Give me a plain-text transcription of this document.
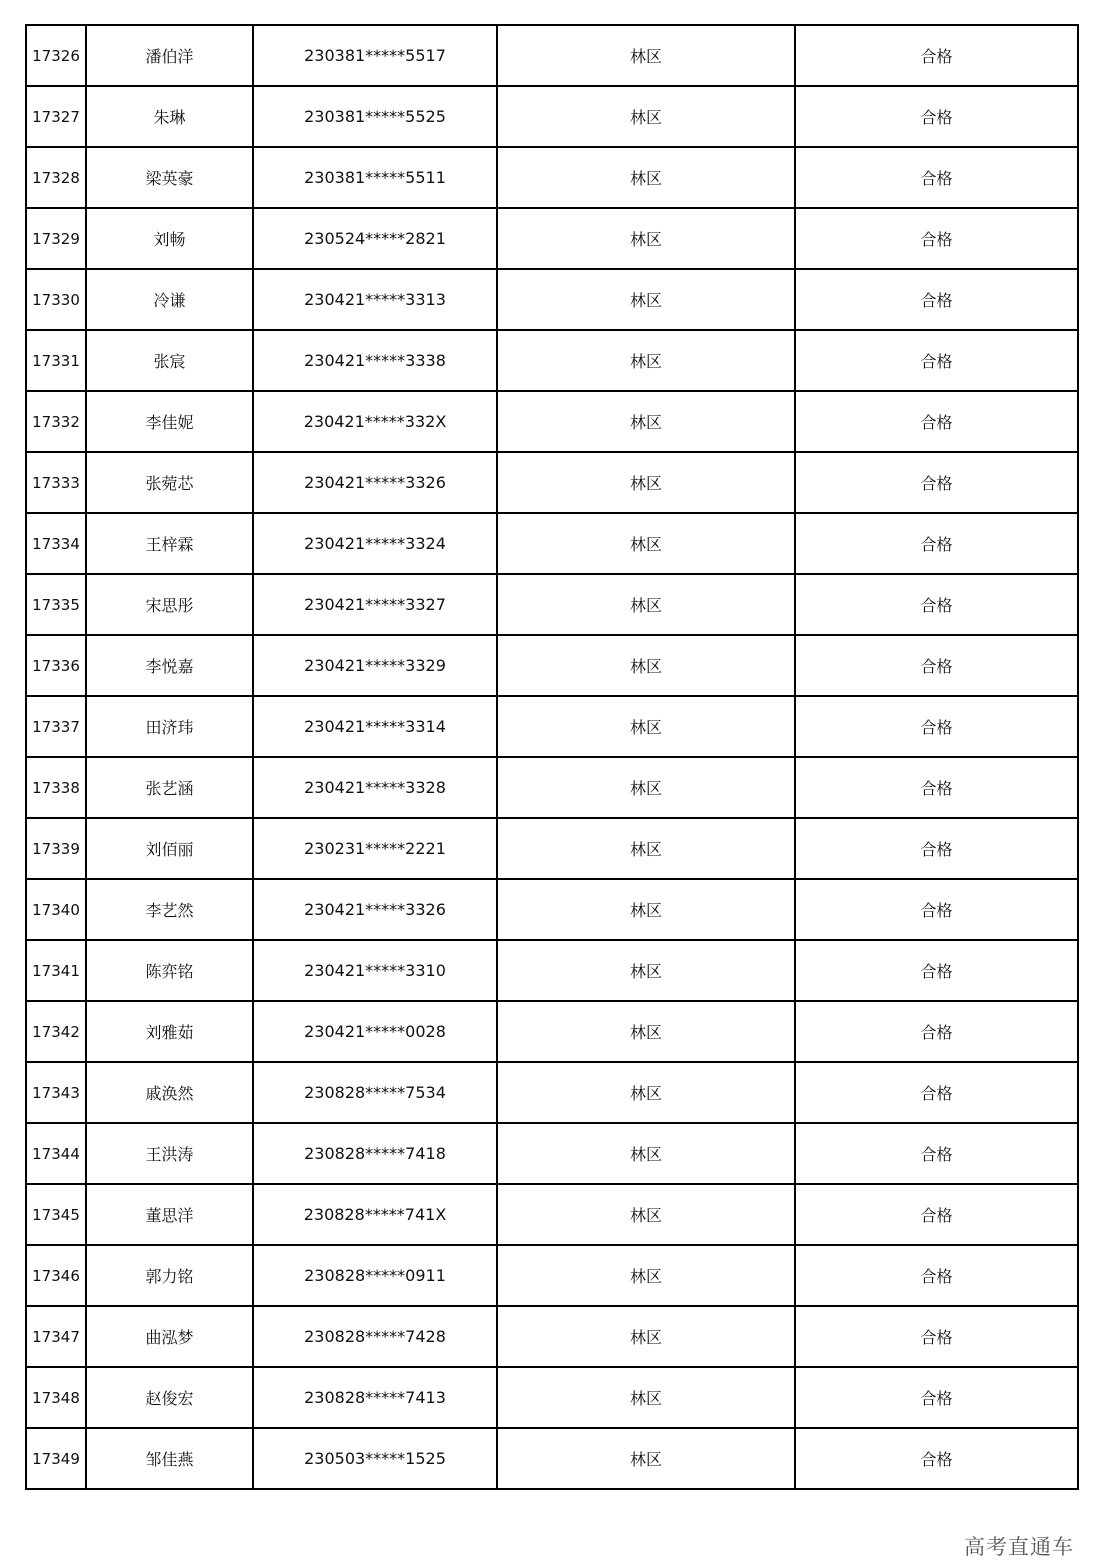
17326	潘伯洋	230381*****5517	林区	合格
17327	朱琳	230381*****5525	林区	合格
17328	梁英豪	230381*****5511	林区	合格
17329	刘畅	230524*****2821	林区	合格
17330	冷谦	230421*****3313	林区	合格
17331	张宸	230421*****3338	林区	合格
17332	李佳妮	230421*****332X	林区	合格
17333	张菀芯	230421*****3326	林区	合格
17334	王梓霖	230421*****3324	林区	合格
17335	宋思彤	230421*****3327	林区	合格
17336	李悦嘉	230421*****3329	林区	合格
17337	田济玮	230421*****3314	林区	合格
17338	张艺涵	230421*****3328	林区	合格
17339	刘佰丽	230231*****2221	林区	合格
17340	李艺然	230421*****3326	林区	合格
17341	陈弈铭	230421*****3310	林区	合格
17342	刘雅茹	230421*****0028	林区	合格
17343	戚涣然	230828*****7534	林区	合格
17344	王洪涛	230828*****7418	林区	合格
17345	董思洋	230828*****741X	林区	合格
17346	郭力铭	230828*****0911	林区	合格
17347	曲泓梦	230828*****7428	林区	合格
17348	赵俊宏	230828*****7413	林区	合格
17349	邹佳燕	230503*****1525	林区	合格
高考直通车
